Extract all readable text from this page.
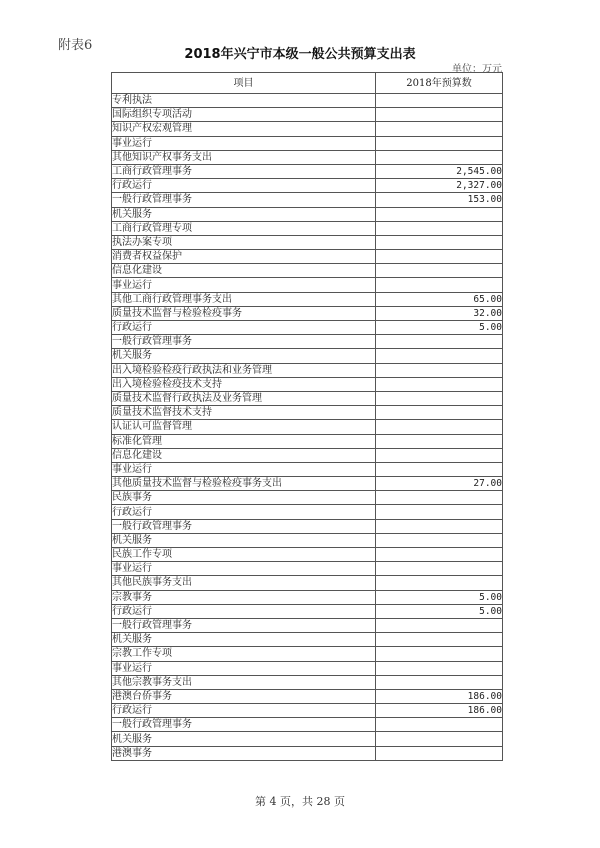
附表6
2018年兴宁市本级一般公共预算支出表
单位：万元
项目	2018年预算数
专利执法	
国际组织专项活动	
知识产权宏观管理	
事业运行	
其他知识产权事务支出	
工商行政管理事务	2,545.00
行政运行	2,327.00
一般行政管理事务	153.00
机关服务	
工商行政管理专项	
执法办案专项	
消费者权益保护	
信息化建设	
事业运行	
其他工商行政管理事务支出	65.00
质量技术监督与检验检疫事务	32.00
行政运行	5.00
一般行政管理事务	
机关服务	
出入境检验检疫行政执法和业务管理	
出入境检验检疫技术支持	
质量技术监督行政执法及业务管理	
质量技术监督技术支持	
认证认可监督管理	
标准化管理	
信息化建设	
事业运行	
其他质量技术监督与检验检疫事务支出	27.00
民族事务	
行政运行	
一般行政管理事务	
机关服务	
民族工作专项	
事业运行	
其他民族事务支出	
宗教事务	5.00
行政运行	5.00
一般行政管理事务	
机关服务	
宗教工作专项	
事业运行	
其他宗教事务支出	
港澳台侨事务	186.00
行政运行	186.00
一般行政管理事务	
机关服务	
港澳事务	
第 4 页，共 28 页
